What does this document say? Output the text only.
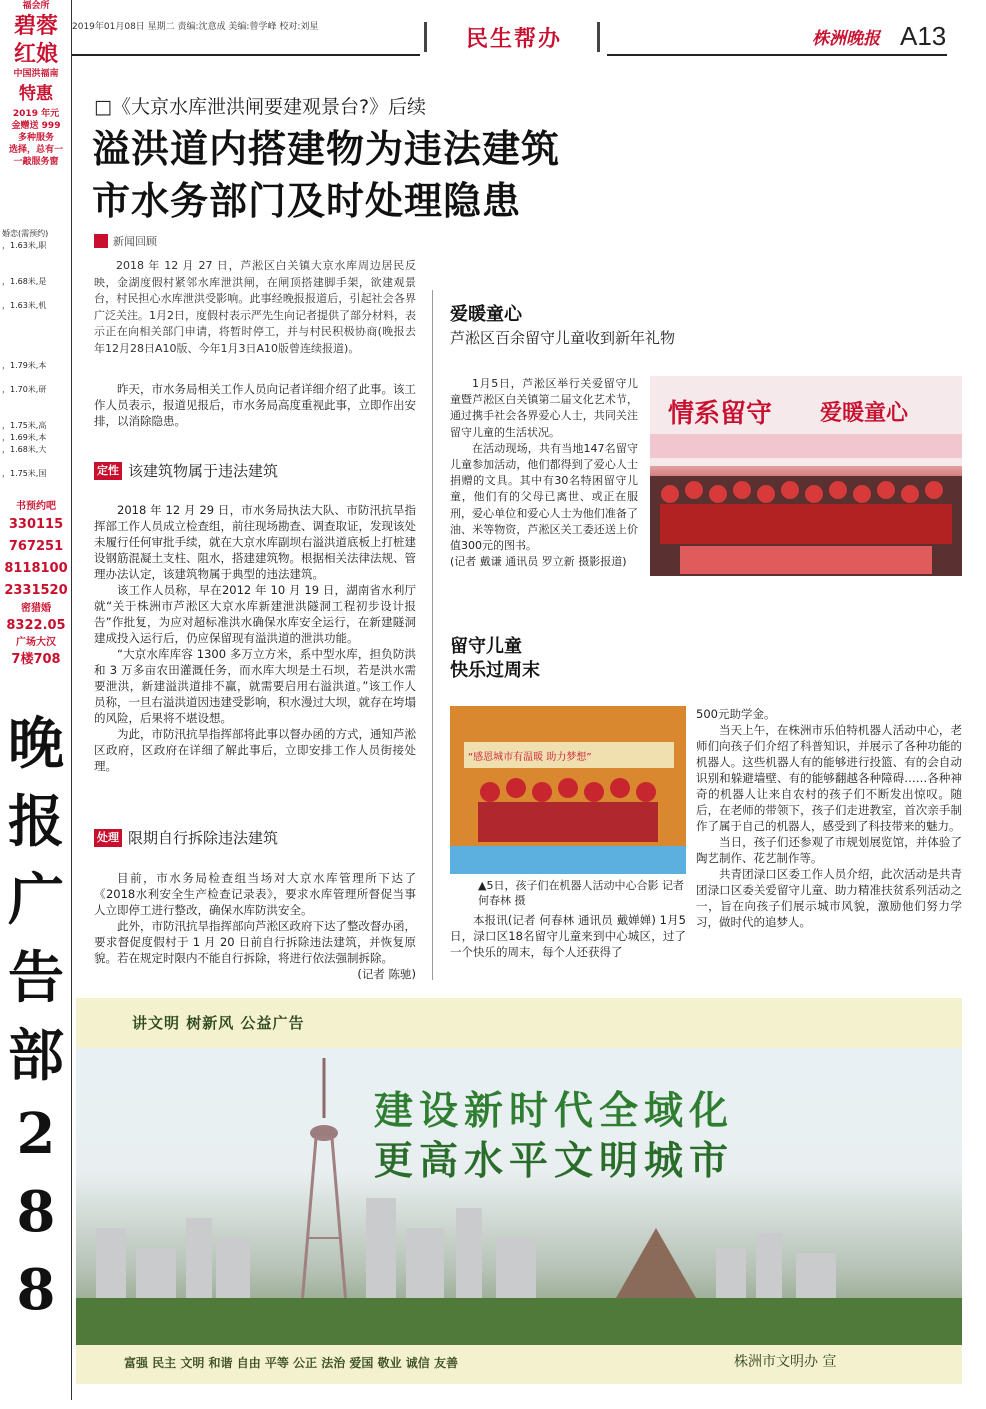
福会所
碧蓉
红娘
中国洪福南
特惠
2019 年元
金赠送 999
多种服务
选择，总有一
一敲服务窗
婚恋(需预约)
，1.63米,职

，1.68米,是

，1.63米,机

，1.79米,本

，1.70米,研

，1.75米,高
，1.69米,本
，1.68米,大

，1.75米,国
书预约吧
330115
767251
8118100
2331520
密猎婚
8322.05
广场大汉
7楼708
晚
报
广
告
部
2
8
8
2019年01月08日 星期二 责编:沈意成 美编:曾学峰 校对:刘星	民生帮办	株洲晚报 A13
□《大京水库泄洪闸要建观景台?》后续
溢洪道内搭建物为违法建筑
市水务部门及时处理隐患
新闻回顾

2018 年 12 月 27 日，芦淞区白关镇大京水库周边居民反映，金湖度假村紧邻水库泄洪闸，在闸顶搭建脚手架，欲建观景台，村民担心水库泄洪受影响。此事经晚报报道后，引起社会各界广泛关注。1月2日，度假村表示严先生向记者提供了部分材料，表示正在向相关部门申请，将暂时停工，并与村民积极协商(晚报去年12月28日A10版、今年1月3日A10版曾连续报道)。

昨天，市水务局相关工作人员向记者详细介绍了此事。该工作人员表示，报道见报后，市水务局高度重视此事，立即作出安排，以消除隐患。

定性 该建筑物属于违法建筑

2018 年 12 月 29 日，市水务局执法大队、市防汛抗旱指挥部工作人员成立检查组，前往现场勘查、调查取证，发现该处未履行任何审批手续，就在大京水库副坝右溢洪道底板上打桩建设钢筋混凝土支柱、阻水，搭建建筑物。根据相关法律法规、管理办法认定，该建筑物属于典型的违法建筑。

该工作人员称，早在2012 年 10 月 19 日，湖南省水利厅就“关于株洲市芦淞区大京水库新建泄洪隧洞工程初步设计报告”作批复，为应对超标准洪水确保水库安全运行，在新建隧洞建成投入运行后，仍应保留现有溢洪道的泄洪功能。

“大京水库库容 1300 多万立方米，系中型水库，担负防洪和 3 万多亩农田灌溉任务，而水库大坝是土石坝，若是洪水需要泄洪，新建溢洪道排不赢，就需要启用右溢洪道。”该工作人员称，一旦右溢洪道因违建受影响，积水漫过大坝，就存在垮塌的风险，后果将不堪设想。

为此，市防汛抗旱指挥部将此事以督办函的方式，通知芦淞区政府，区政府在详细了解此事后，立即安排工作人员街接处理。

处理 限期自行拆除违法建筑

目前，市水务局检查组当场对大京水库管理所下达了《2018水利安全生产检查记录表》，要求水库管理所督促当事人立即停工进行整改，确保水库防洪安全。

此外，市防汛抗旱指挥部向芦淞区政府下达了整改督办函，要求督促度假村于 1 月 20 日前自行拆除违法建筑，并恢复原貌。若在规定时限内不能自行拆除，将进行依法强制拆除。

(记者 陈驰)

爱暖童心
芦淞区百余留守儿童收到新年礼物

1月5日，芦淞区举行关爱留守儿童暨芦淞区白关镇第二届文化艺术节，通过携手社会各界爱心人士，共同关注留守儿童的生活状况。

在活动现场，共有当地147名留守儿童参加活动，他们都得到了爱心人士捐赠的文具。其中有30名特困留守儿童，他们有的父母已离世、或正在服刑，爱心单位和爱心人士为他们准备了油、米等物资，芦淞区关工委还送上价值300元的图书。

(记者 戴谦 通讯员 罗立新 摄影报道)

情系留守 爱暖童心
留守儿童
快乐过周末
“感恩城市有温暖 助力梦想”
▲5日，孩子们在机器人活动中心合影 记者 何春林 摄

本报讯(记者 何春林 通讯员 戴婵婵) 1月5日，渌口区18名留守儿童来到中心城区，过了一个快乐的周末，每个人还获得了

500元助学金。

当天上午，在株洲市乐伯特机器人活动中心，老师们向孩子们介绍了科普知识，并展示了各种功能的机器人。这些机器人有的能够进行投篮、有的会自动识别和躲避墙壁、有的能够翻越各种障碍……各种神奇的机器人让来自农村的孩子们不断发出惊叹。随后，在老师的带领下，孩子们走进教室，首次亲手制作了属于自己的机器人，感受到了科技带来的魅力。

当日，孩子们还参观了市规划展览馆，并体验了陶艺制作、花艺制作等。

共青团渌口区委工作人员介绍，此次活动是共青团渌口区委关爱留守儿童、助力精准扶贫系列活动之一，旨在向孩子们展示城市风貌，激励他们努力学习，做时代的追梦人。

讲文明 树新风 公益广告
建设新时代全域化
更高水平文明城市
富强 民主 文明 和谐 自由 平等 公正 法治 爱国 敬业 诚信 友善	株洲市文明办 宣
